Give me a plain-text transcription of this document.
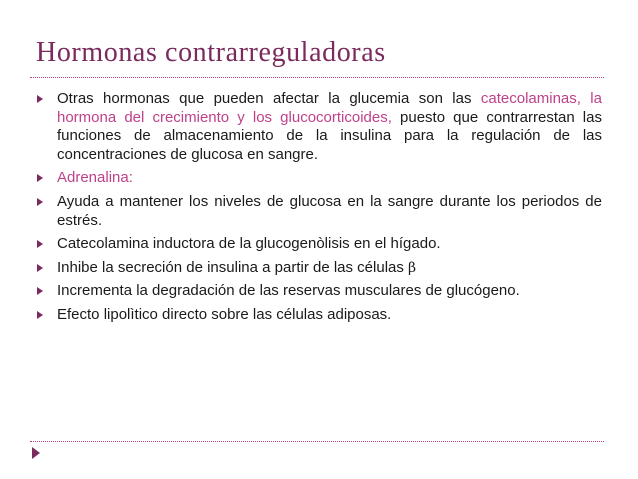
Hormonas contrarreguladoras
Otras hormonas que pueden afectar la glucemia son las catecolaminas, la hormona del crecimiento y los glucocorticoides, puesto que contrarrestan las funciones de almacenamiento de la insulina para la regulación de las concentraciones de glucosa en sangre.
Adrenalina:
Ayuda a mantener los niveles de glucosa en la sangre durante los periodos de estrés.
Catecolamina inductora de la glucogenòlisis en el hígado.
Inhibe la secreción de insulina a partir de las células β
Incrementa la degradación de las reservas musculares de glucógeno.
Efecto lipolìtico directo sobre las células adiposas.
